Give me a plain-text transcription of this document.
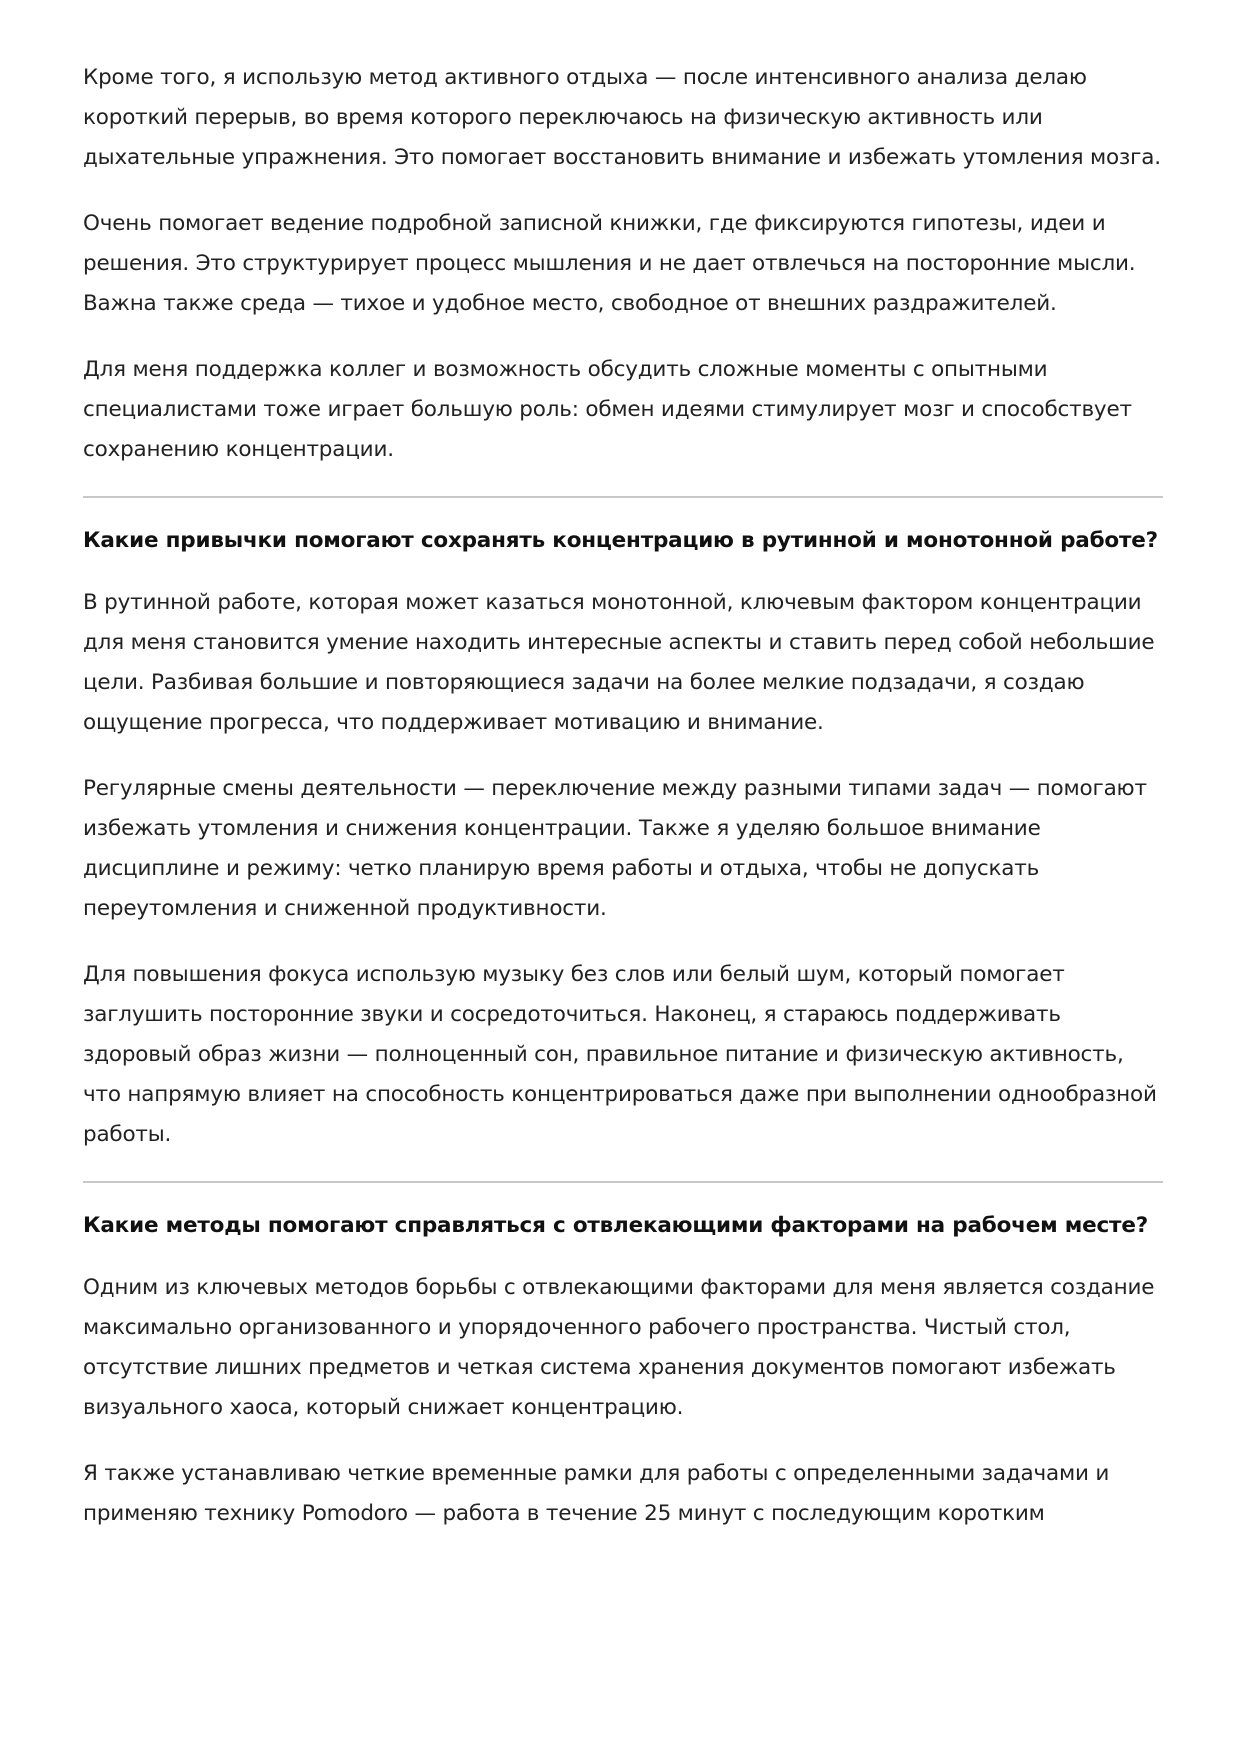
Кроме того, я использую метод активного отдыха — после интенсивного анализа делаю короткий перерыв, во время которого переключаюсь на физическую активность или дыхательные упражнения. Это помогает восстановить внимание и избежать утомления мозга.

Очень помогает ведение подробной записной книжки, где фиксируются гипотезы, идеи и решения. Это структурирует процесс мышления и не дает отвлечься на посторонние мысли. Важна также среда — тихое и удобное место, свободное от внешних раздражителей.

Для меня поддержка коллег и возможность обсудить сложные моменты с опытными специалистами тоже играет большую роль: обмен идеями стимулирует мозг и способствует сохранению концентрации.

Какие привычки помогают сохранять концентрацию в рутинной и монотонной работе?

В рутинной работе, которая может казаться монотонной, ключевым фактором концентрации для меня становится умение находить интересные аспекты и ставить перед собой небольшие цели. Разбивая большие и повторяющиеся задачи на более мелкие подзадачи, я создаю ощущение прогресса, что поддерживает мотивацию и внимание.

Регулярные смены деятельности — переключение между разными типами задач — помогают избежать утомления и снижения концентрации. Также я уделяю большое внимание дисциплине и режиму: четко планирую время работы и отдыха, чтобы не допускать переутомления и сниженной продуктивности.

Для повышения фокуса использую музыку без слов или белый шум, который помогает заглушить посторонние звуки и сосредоточиться. Наконец, я стараюсь поддерживать здоровый образ жизни — полноценный сон, правильное питание и физическую активность, что напрямую влияет на способность концентрироваться даже при выполнении однообразной работы.

Какие методы помогают справляться с отвлекающими факторами на рабочем месте?

Одним из ключевых методов борьбы с отвлекающими факторами для меня является создание максимально организованного и упорядоченного рабочего пространства. Чистый стол, отсутствие лишних предметов и четкая система хранения документов помогают избежать визуального хаоса, который снижает концентрацию.

Я также устанавливаю четкие временные рамки для работы с определенными задачами и применяю технику Pomodoro — работа в течение 25 минут с последующим коротким
